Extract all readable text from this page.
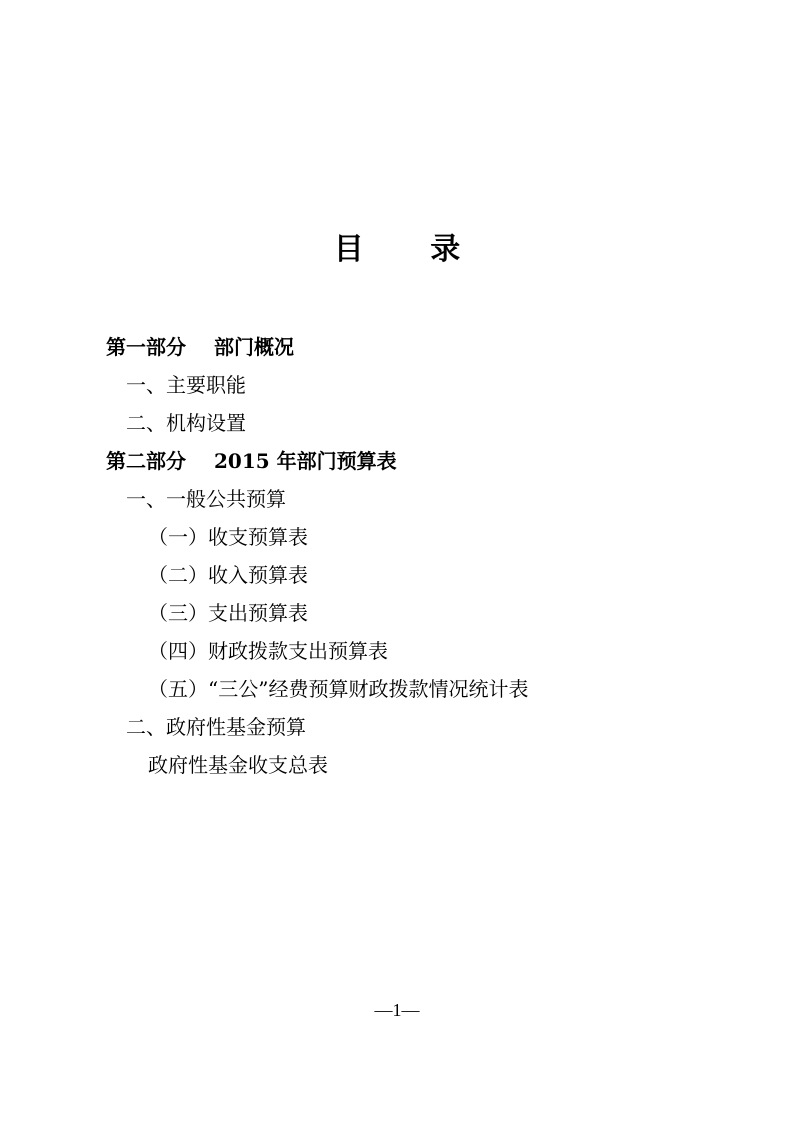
目 录
第一部分 部门概况
一、主要职能
二、机构设置
第二部分 2015 年部门预算表
一、一般公共预算
（一）收支预算表
（二）收入预算表
（三）支出预算表
（四）财政拨款支出预算表
（五）“三公”经费预算财政拨款情况统计表
二、政府性基金预算
政府性基金收支总表
—1—
